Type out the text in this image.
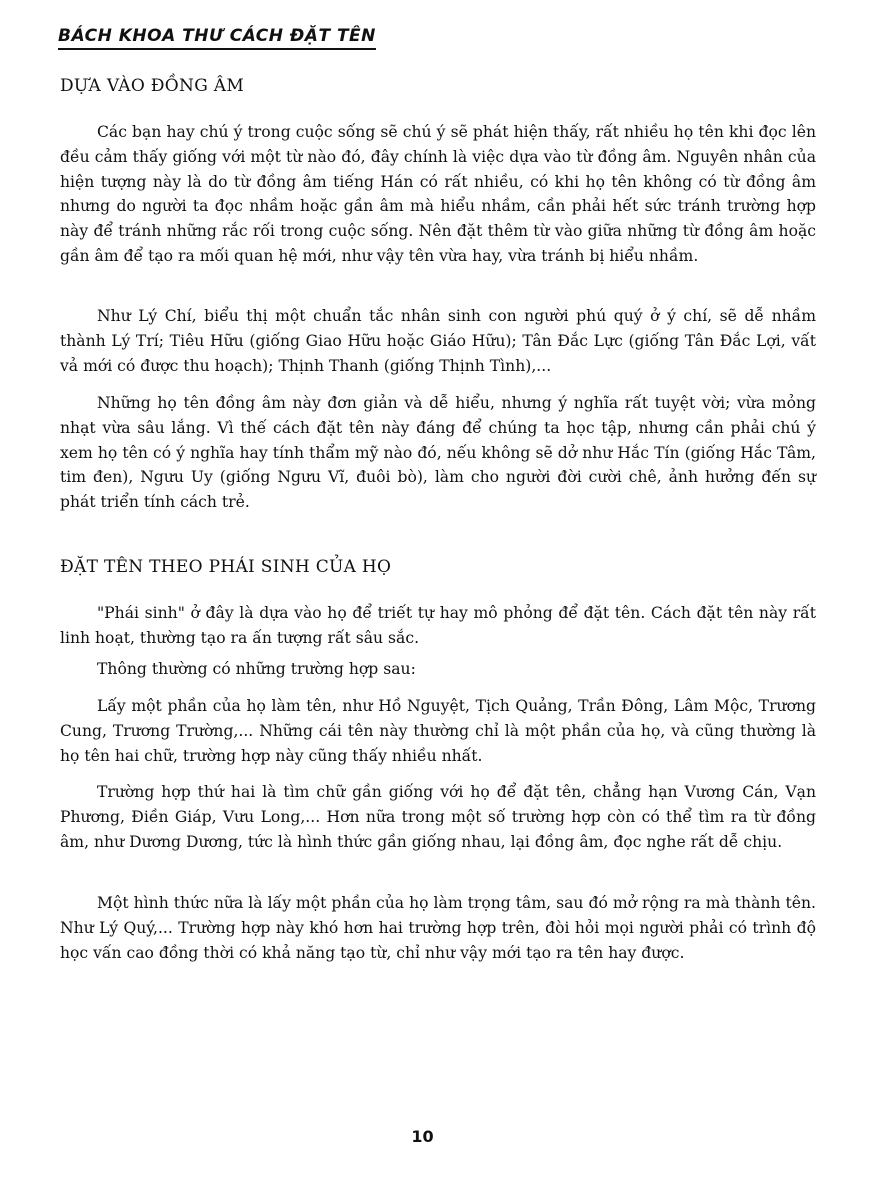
BÁCH KHOA THƯ CÁCH ĐẶT TÊN
DỰA VÀO ĐỒNG ÂM

Các bạn hay chú ý trong cuộc sống sẽ chú ý sẽ phát hiện thấy, rất nhiều họ tên khi đọc lên đều cảm thấy giống với một từ nào đó, đây chính là việc dựa vào từ đồng âm. Nguyên nhân của hiện tượng này là do từ đồng âm tiếng Hán có rất nhiều, có khi họ tên không có từ đồng âm nhưng do người ta đọc nhầm hoặc gần âm mà hiểu nhầm, cần phải hết sức tránh trường hợp này để tránh những rắc rối trong cuộc sống. Nên đặt thêm từ vào giữa những từ đồng âm hoặc gần âm để tạo ra mối quan hệ mới, như vậy tên vừa hay, vừa tránh bị hiểu nhầm.

Như Lý Chí, biểu thị một chuẩn tắc nhân sinh con người phú quý ở ý chí, sẽ dễ nhầm thành Lý Trí; Tiêu Hữu (giống Giao Hữu hoặc Giáo Hữu); Tân Đắc Lực (giống Tân Đắc Lợi, vất vả mới có được thu hoạch); Thịnh Thanh (giống Thịnh Tình),...

Những họ tên đồng âm này đơn giản và dễ hiểu, nhưng ý nghĩa rất tuyệt vời; vừa mỏng nhạt vừa sâu lắng. Vì thế cách đặt tên này đáng để chúng ta học tập, nhưng cần phải chú ý xem họ tên có ý nghĩa hay tính thẩm mỹ nào đó, nếu không sẽ dở như Hắc Tín (giống Hắc Tâm, tim đen), Ngưu Uy (giống Ngưu Vĩ, đuôi bò), làm cho người đời cười chê, ảnh hưởng đến sự phát triển tính cách trẻ.

ĐẶT TÊN THEO PHÁI SINH CỦA HỌ

"Phái sinh" ở đây là dựa vào họ để triết tự hay mô phỏng để đặt tên. Cách đặt tên này rất linh hoạt, thường tạo ra ấn tượng rất sâu sắc.

Thông thường có những trường hợp sau:

Lấy một phần của họ làm tên, như Hồ Nguyệt, Tịch Quảng, Trần Đông, Lâm Mộc, Trương Cung, Trương Trường,... Những cái tên này thường chỉ là một phần của họ, và cũng thường là họ tên hai chữ, trường hợp này cũng thấy nhiều nhất.

Trường hợp thứ hai là tìm chữ gần giống với họ để đặt tên, chẳng hạn Vương Cán, Vạn Phương, Điền Giáp, Vưu Long,... Hơn nữa trong một số trường hợp còn có thể tìm ra từ đồng âm, như Dương Dương, tức là hình thức gần giống nhau, lại đồng âm, đọc nghe rất dễ chịu.

Một hình thức nữa là lấy một phần của họ làm trọng tâm, sau đó mở rộng ra mà thành tên. Như Lý Quý,... Trường hợp này khó hơn hai trường hợp trên, đòi hỏi mọi người phải có trình độ học vấn cao đồng thời có khả năng tạo từ, chỉ như vậy mới tạo ra tên hay được.

10
